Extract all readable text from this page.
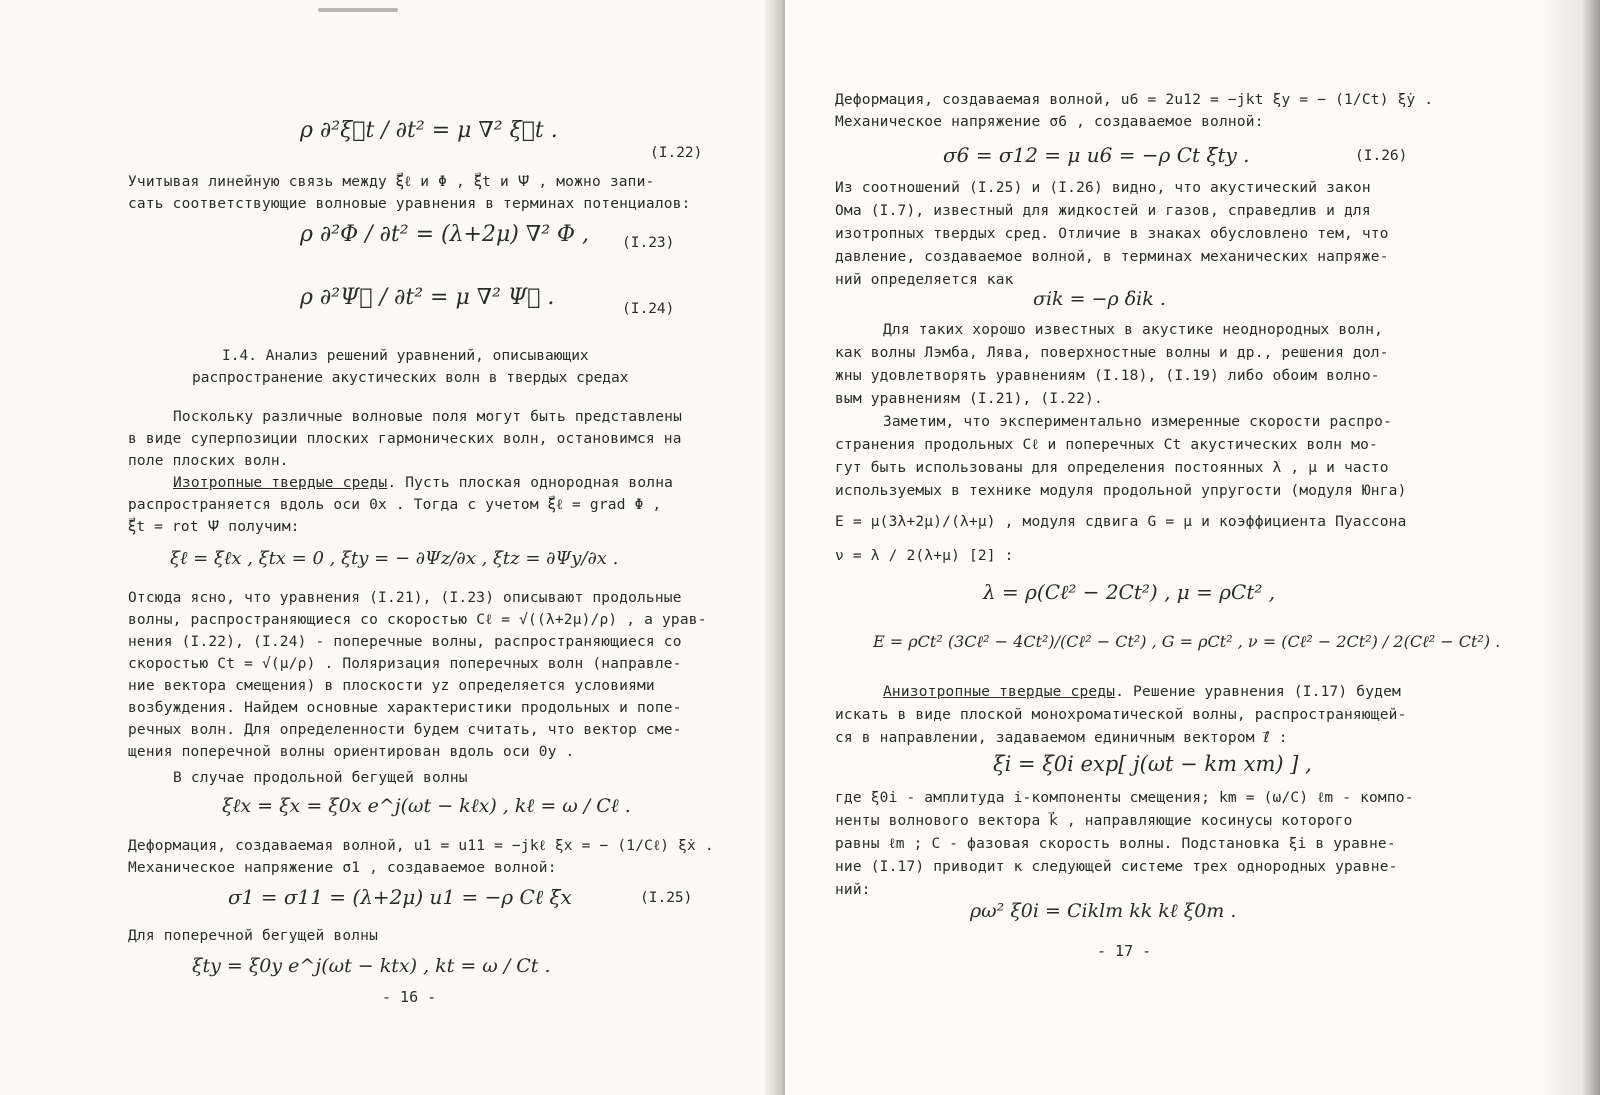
ρ ∂²ξ⃗t / ∂t² = μ ∇² ξ⃗t .
(I.22)
Учитывая линейную связь между ξ⃗ℓ и Φ , ξ⃗t и Ψ⃗ , можно запи-
сать соответствующие волновые уравнения в терминах потенциалов:
ρ ∂²Φ / ∂t² = (λ+2μ) ∇² Φ , (I.23)
ρ ∂²Ψ⃗ / ∂t² = μ ∇² Ψ⃗ .	(I.24)
I.4. Анализ решений уравнений, описывающих
распространение акустических волн в твердых средах
Поскольку различные волновые поля могут быть представлены
в виде суперпозиции плоских гармонических волн, остановимся на
поле плоских волн.
Изотропные твердые среды. Пусть плоская однородная волна
распространяется вдоль оси 0x . Тогда с учетом ξ⃗ℓ = grad Φ ,
ξ⃗t = rot Ψ⃗ получим:
ξℓ = ξℓx , ξtx = 0 , ξty = − ∂Ψz/∂x , ξtz = ∂Ψy/∂x .
Отсюда ясно, что уравнения (I.21), (I.23) описывают продольные
волны, распространяющиеся со скоростью Cℓ = √((λ+2μ)/ρ) , а урав-
нения (I.22), (I.24) - поперечные волны, распространяющиеся со
скоростью Ct = √(μ/ρ) . Поляризация поперечных волн (направле-
ние вектора смещения) в плоскости yz определяется условиями
возбуждения. Найдем основные характеристики продольных и попе-
речных волн. Для определенности будем считать, что вектор сме-
щения поперечной волны ориентирован вдоль оси 0y .
В случае продольной бегущей волны
ξℓx = ξx = ξ0x e^j(ωt − kℓx) , kℓ = ω / Cℓ .
Деформация, создаваемая волной, u1 = u11 = −jkℓ ξx = − (1/Cℓ) ξ̇x .
Механическое напряжение σ1 , создаваемое волной:
σ1 = σ11 = (λ+2μ) u1 = −ρ Cℓ ξ̇x	(I.25)
Для поперечной бегущей волны
ξty = ξ0y e^j(ωt − ktx) , kt = ω / Ct .
- 16 -
Деформация, создаваемая волной, u6 = 2u12 = −jkt ξy = − (1/Ct) ξ̇y .
Механическое напряжение σ6 , создаваемое волной:
σ6 = σ12 = μ u6 = −ρ Ct ξ̇ty .	(I.26)
Из соотношений (I.25) и (I.26) видно, что акустический закон
Ома (I.7), известный для жидкостей и газов, справедлив и для
изотропных твердых сред. Отличие в знаках обусловлено тем, что
давление, создаваемое волной, в терминах механических напряже-
ний определяется как
σik = −ρ δik .
Для таких хорошо известных в акустике неоднородных волн,
как волны Лэмба, Лява, поверхностные волны и др., решения дол-
жны удовлетворять уравнениям (I.18), (I.19) либо обоим волно-
вым уравнениям (I.21), (I.22).
Заметим, что экспериментально измеренные скорости распро-
странения продольных Cℓ и поперечных Ct акустических волн мо-
гут быть использованы для определения постоянных λ , μ и часто
используемых в технике модуля продольной упругости (модуля Юнга)
E = μ(3λ+2μ)/(λ+μ) , модуля сдвига G = μ и коэффициента Пуассона
ν = λ / 2(λ+μ) [2] :
λ = ρ(Cℓ² − 2Ct²) , μ = ρCt² ,
E = ρCt² (3Cℓ² − 4Ct²)/(Cℓ² − Ct²) , G = ρCt² , ν = (Cℓ² − 2Ct²) / 2(Cℓ² − Ct²) .
Анизотропные твердые среды. Решение уравнения (I.17) будем
искать в виде плоской монохроматической волны, распространяющей-
ся в направлении, задаваемом единичным вектором ℓ⃗ :
ξi = ξ0i exp[ j(ωt − km xm) ] ,
где ξ0i - амплитуда i-компоненты смещения; km = (ω/C) ℓm - компо-
ненты волнового вектора k⃗ , направляющие косинусы которого
равны ℓm ; C - фазовая скорость волны. Подстановка ξi в уравне-
ние (I.17) приводит к следующей системе трех однородных уравне-
ний:
ρω² ξ0i = Ciklm kk kℓ ξ0m .
- 17 -
